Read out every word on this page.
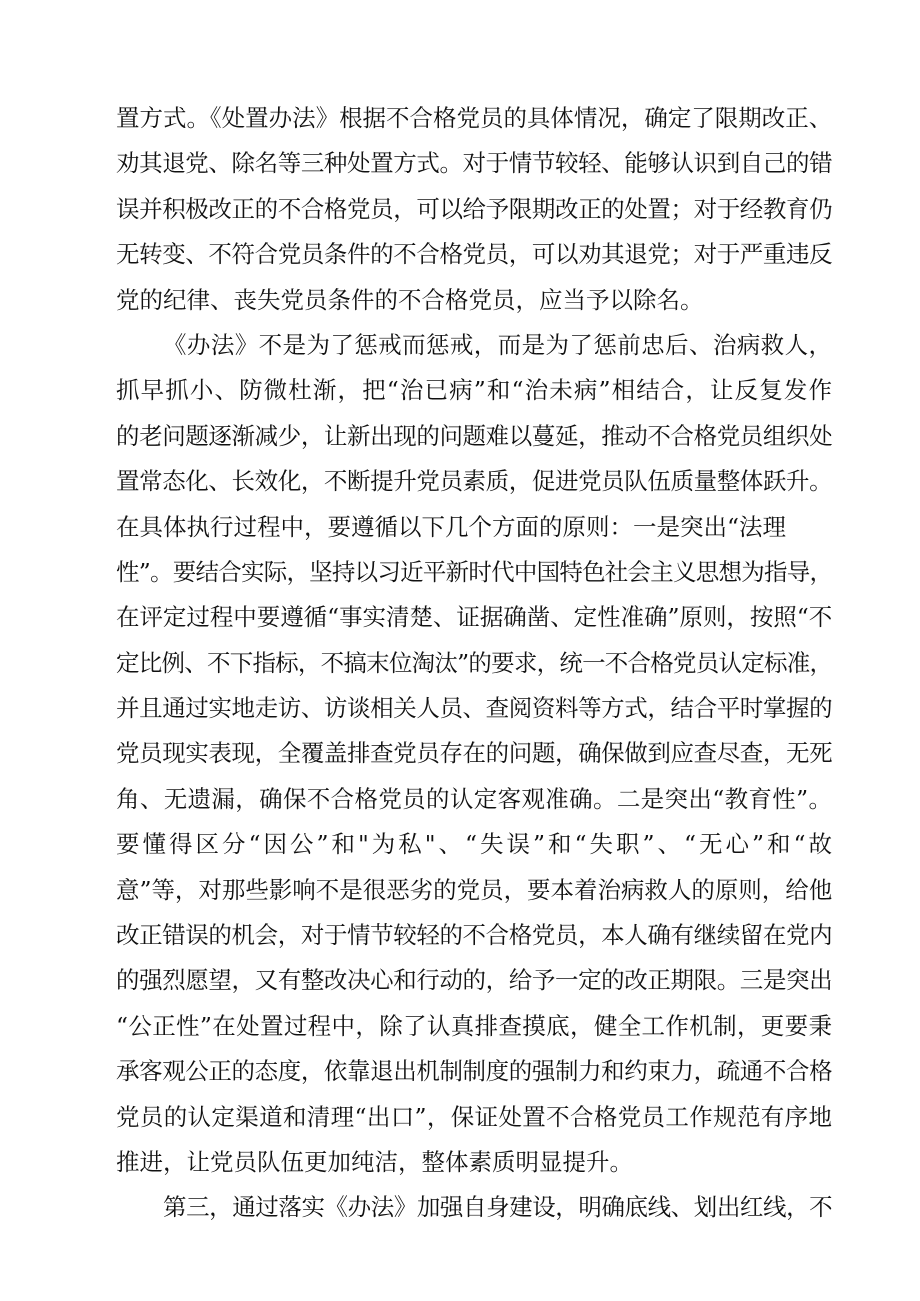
置方式。《处置办法》根据不合格党员的具体情况，确定了限期改正、
劝其退党、除名等三种处置方式。对于情节较轻、能够认识到自己的错
误并积极改正的不合格党员，可以给予限期改正的处置；对于经教育仍
无转变、不符合党员条件的不合格党员，可以劝其退党；对于严重违反
党的纪律、丧失党员条件的不合格党员，应当予以除名。
《办法》不是为了惩戒而惩戒，而是为了惩前忠后、治病救人，
抓早抓小、防微杜渐，把“治已病”和“治未病”相结合，让反复发作
的老问题逐渐减少，让新出现的问题难以蔓延，推动不合格党员组织处
置常态化、长效化，不断提升党员素质，促进党员队伍质量整体跃升。
在具体执行过程中，要遵循以下几个方面的原则：一是突出“法理
性”。要结合实际，坚持以习近平新时代中国特色社会主义思想为指导，
在评定过程中要遵循“事实清楚、证据确凿、定性准确”原则，按照“不
定比例、不下指标，不搞末位淘汰”的要求，统一不合格党员认定标准，
并且通过实地走访、访谈相关人员、查阅资料等方式，结合平时掌握的
党员现实表现，全覆盖排查党员存在的问题，确保做到应查尽查，无死
角、无遗漏，确保不合格党员的认定客观准确。二是突出“教育性”。
要懂得区分“因公”和"为私"、“失误”和“失职”、“无心”和“故
意”等，对那些影响不是很恶劣的党员，要本着治病救人的原则，给他
改正错误的机会，对于情节较轻的不合格党员，本人确有继续留在党内
的强烈愿望，又有整改决心和行动的，给予一定的改正期限。三是突出
“公正性”在处置过程中，除了认真排查摸底，健全工作机制，更要秉
承客观公正的态度，依靠退出机制制度的强制力和约束力，疏通不合格
党员的认定渠道和清理“出口”，保证处置不合格党员工作规范有序地
推进，让党员队伍更加纯洁，整体素质明显提升。
第三，通过落实《办法》加强自身建设，明确底线、划出红线，不
